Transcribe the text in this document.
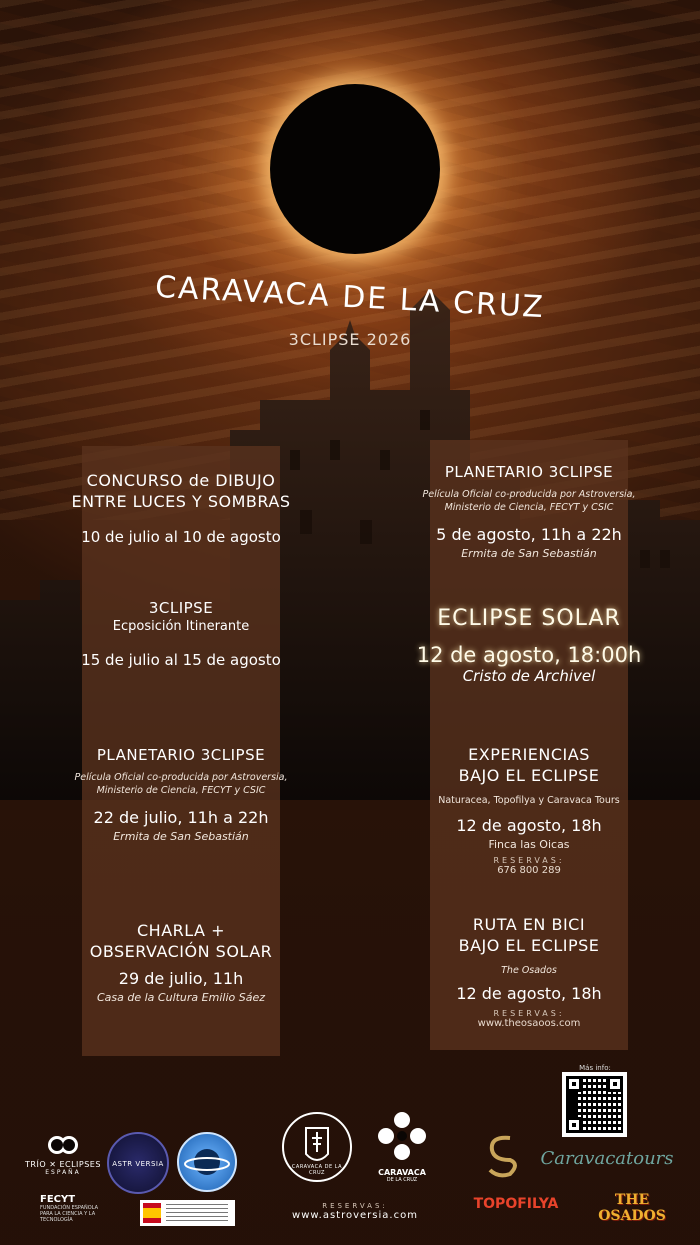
CARAVACA DE LA CRUZ
3CLIPSE 2026
CONCURSO de DIBUJO
ENTRE LUCES Y SOMBRAS
10 de julio al 10 de agosto
3CLIPSE
Ecposición Itinerante
15 de julio al 15 de agosto
PLANETARIO 3CLIPSE
Película Oficial co-producida por Astroversia,
Ministerio de Ciencia, FECYT y CSIC
22 de julio, 11h a 22h
Ermita de San Sebastián
CHARLA +
OBSERVACIÓN SOLAR
29 de julio, 11h
Casa de la Cultura Emilio Sáez
PLANETARIO 3CLIPSE
Película Oficial co-producida por Astroversia,
Ministerio de Ciencia, FECYT y CSIC
5 de agosto, 11h a 22h
Ermita de San Sebastián
ECLIPSE SOLAR
12 de agosto, 18:00h
Cristo de Archivel
EXPERIENCIAS
BAJO EL ECLIPSE
Naturacea, Topofilya y Caravaca Tours
12 de agosto, 18h
Finca las Oicas
RESERVAS:
676 800 289
RUTA EN BICI
BAJO EL ECLIPSE
The Osados
12 de agosto, 18h
RESERVAS:
www.theosaoos.com
TRÍO ✕ ECLIPSES
ESPAÑA
ASTR VERSIA
FECYT
FUNDACIÓN ESPAÑOLA PARA LA CIENCIA Y LA TECNOLOGÍA
CARAVACA DE LA CRUZ	CARAVACA
DE LA CRUZ
RESERVAS:
www.astroversia.com
Caravacatours
TOPOFILYA	THE OSADOS
Más info:
